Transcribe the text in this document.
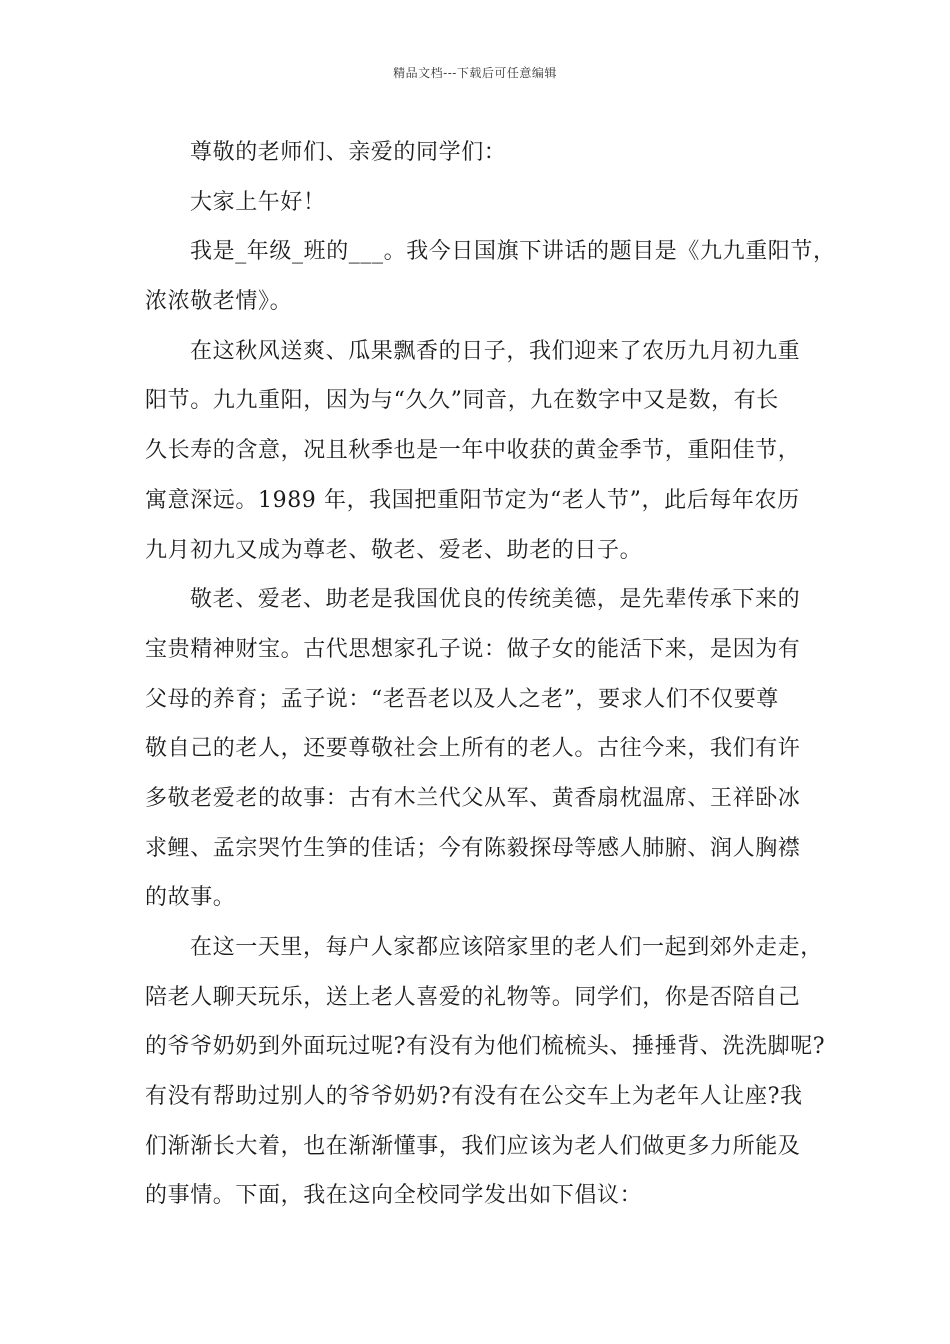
精品文档---下载后可任意编辑
尊敬的老师们、亲爱的同学们：
大家上午好！
我是_年级_班的___。我今日国旗下讲话的题目是《九九重阳节，
浓浓敬老情》。
在这秋风送爽、瓜果飘香的日子，我们迎来了农历九月初九重
阳节。九九重阳，因为与“久久”同音，九在数字中又是数，有长
久长寿的含意，况且秋季也是一年中收获的黄金季节，重阳佳节，
寓意深远。1989 年，我国把重阳节定为“老人节”，此后每年农历
九月初九又成为尊老、敬老、爱老、助老的日子。
敬老、爱老、助老是我国优良的传统美德，是先辈传承下来的
宝贵精神财宝。古代思想家孔子说：做子女的能活下来，是因为有
父母的养育；孟子说：“老吾老以及人之老”，要求人们不仅要尊
敬自己的老人，还要尊敬社会上所有的老人。古往今来，我们有许
多敬老爱老的故事：古有木兰代父从军、黄香扇枕温席、王祥卧冰
求鲤、孟宗哭竹生笋的佳话；今有陈毅探母等感人肺腑、润人胸襟
的故事。
在这一天里，每户人家都应该陪家里的老人们一起到郊外走走，
陪老人聊天玩乐，送上老人喜爱的礼物等。同学们，你是否陪自己
的爷爷奶奶到外面玩过呢?有没有为他们梳梳头、捶捶背、洗洗脚呢?
有没有帮助过别人的爷爷奶奶?有没有在公交车上为老年人让座?我
们渐渐长大着，也在渐渐懂事，我们应该为老人们做更多力所能及
的事情。下面，我在这向全校同学发出如下倡议：
